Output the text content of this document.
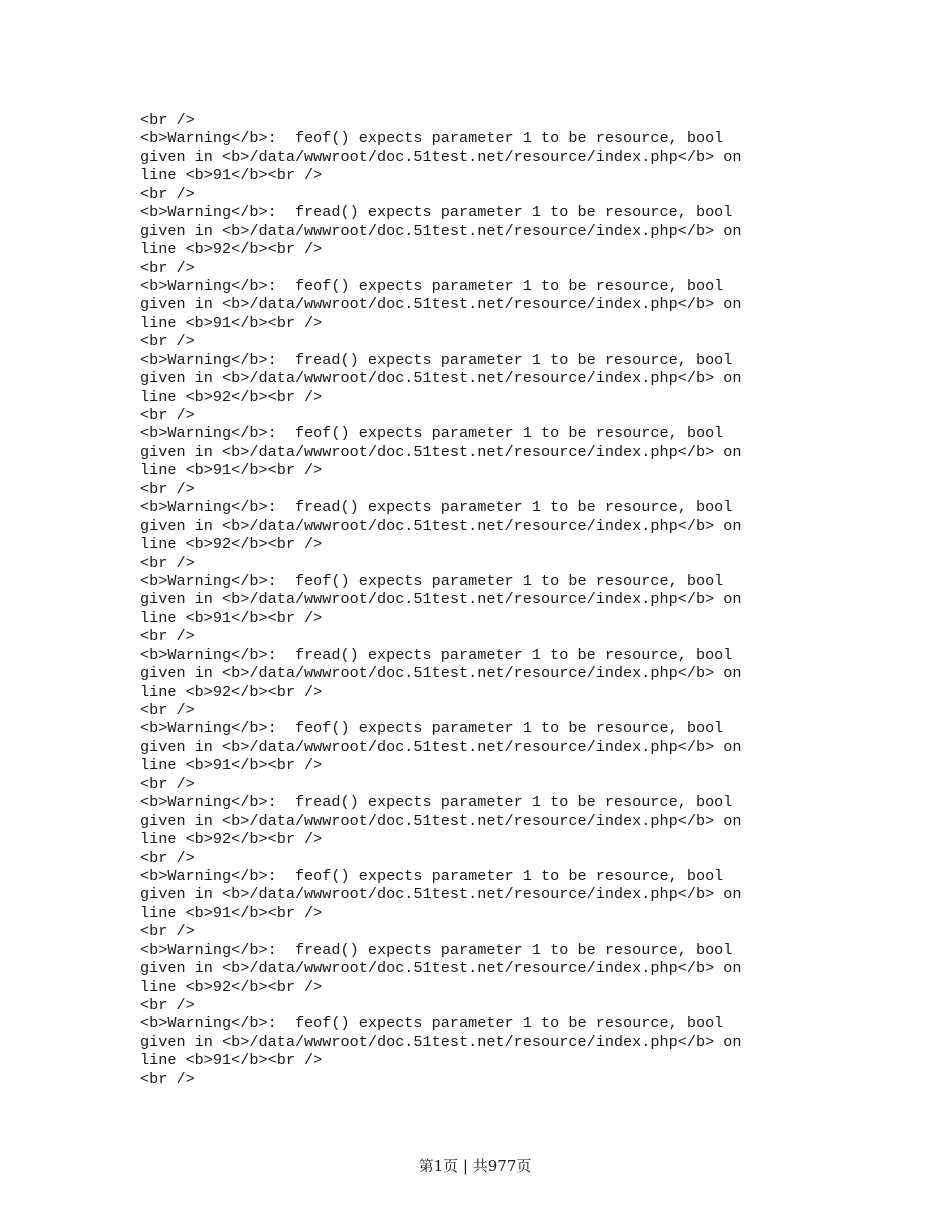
<br />
<b>Warning</b>:  feof() expects parameter 1 to be resource, bool
given in <b>/data/wwwroot/doc.51test.net/resource/index.php</b> on
line <b>91</b><br />
<br />
<b>Warning</b>:  fread() expects parameter 1 to be resource, bool
given in <b>/data/wwwroot/doc.51test.net/resource/index.php</b> on
line <b>92</b><br />
<br />
<b>Warning</b>:  feof() expects parameter 1 to be resource, bool
given in <b>/data/wwwroot/doc.51test.net/resource/index.php</b> on
line <b>91</b><br />
<br />
<b>Warning</b>:  fread() expects parameter 1 to be resource, bool
given in <b>/data/wwwroot/doc.51test.net/resource/index.php</b> on
line <b>92</b><br />
<br />
<b>Warning</b>:  feof() expects parameter 1 to be resource, bool
given in <b>/data/wwwroot/doc.51test.net/resource/index.php</b> on
line <b>91</b><br />
<br />
<b>Warning</b>:  fread() expects parameter 1 to be resource, bool
given in <b>/data/wwwroot/doc.51test.net/resource/index.php</b> on
line <b>92</b><br />
<br />
<b>Warning</b>:  feof() expects parameter 1 to be resource, bool
given in <b>/data/wwwroot/doc.51test.net/resource/index.php</b> on
line <b>91</b><br />
<br />
<b>Warning</b>:  fread() expects parameter 1 to be resource, bool
given in <b>/data/wwwroot/doc.51test.net/resource/index.php</b> on
line <b>92</b><br />
<br />
<b>Warning</b>:  feof() expects parameter 1 to be resource, bool
given in <b>/data/wwwroot/doc.51test.net/resource/index.php</b> on
line <b>91</b><br />
<br />
<b>Warning</b>:  fread() expects parameter 1 to be resource, bool
given in <b>/data/wwwroot/doc.51test.net/resource/index.php</b> on
line <b>92</b><br />
<br />
<b>Warning</b>:  feof() expects parameter 1 to be resource, bool
given in <b>/data/wwwroot/doc.51test.net/resource/index.php</b> on
line <b>91</b><br />
<br />
<b>Warning</b>:  fread() expects parameter 1 to be resource, bool
given in <b>/data/wwwroot/doc.51test.net/resource/index.php</b> on
line <b>92</b><br />
<br />
<b>Warning</b>:  feof() expects parameter 1 to be resource, bool
given in <b>/data/wwwroot/doc.51test.net/resource/index.php</b> on
line <b>91</b><br />
<br />
第1页 | 共977页
